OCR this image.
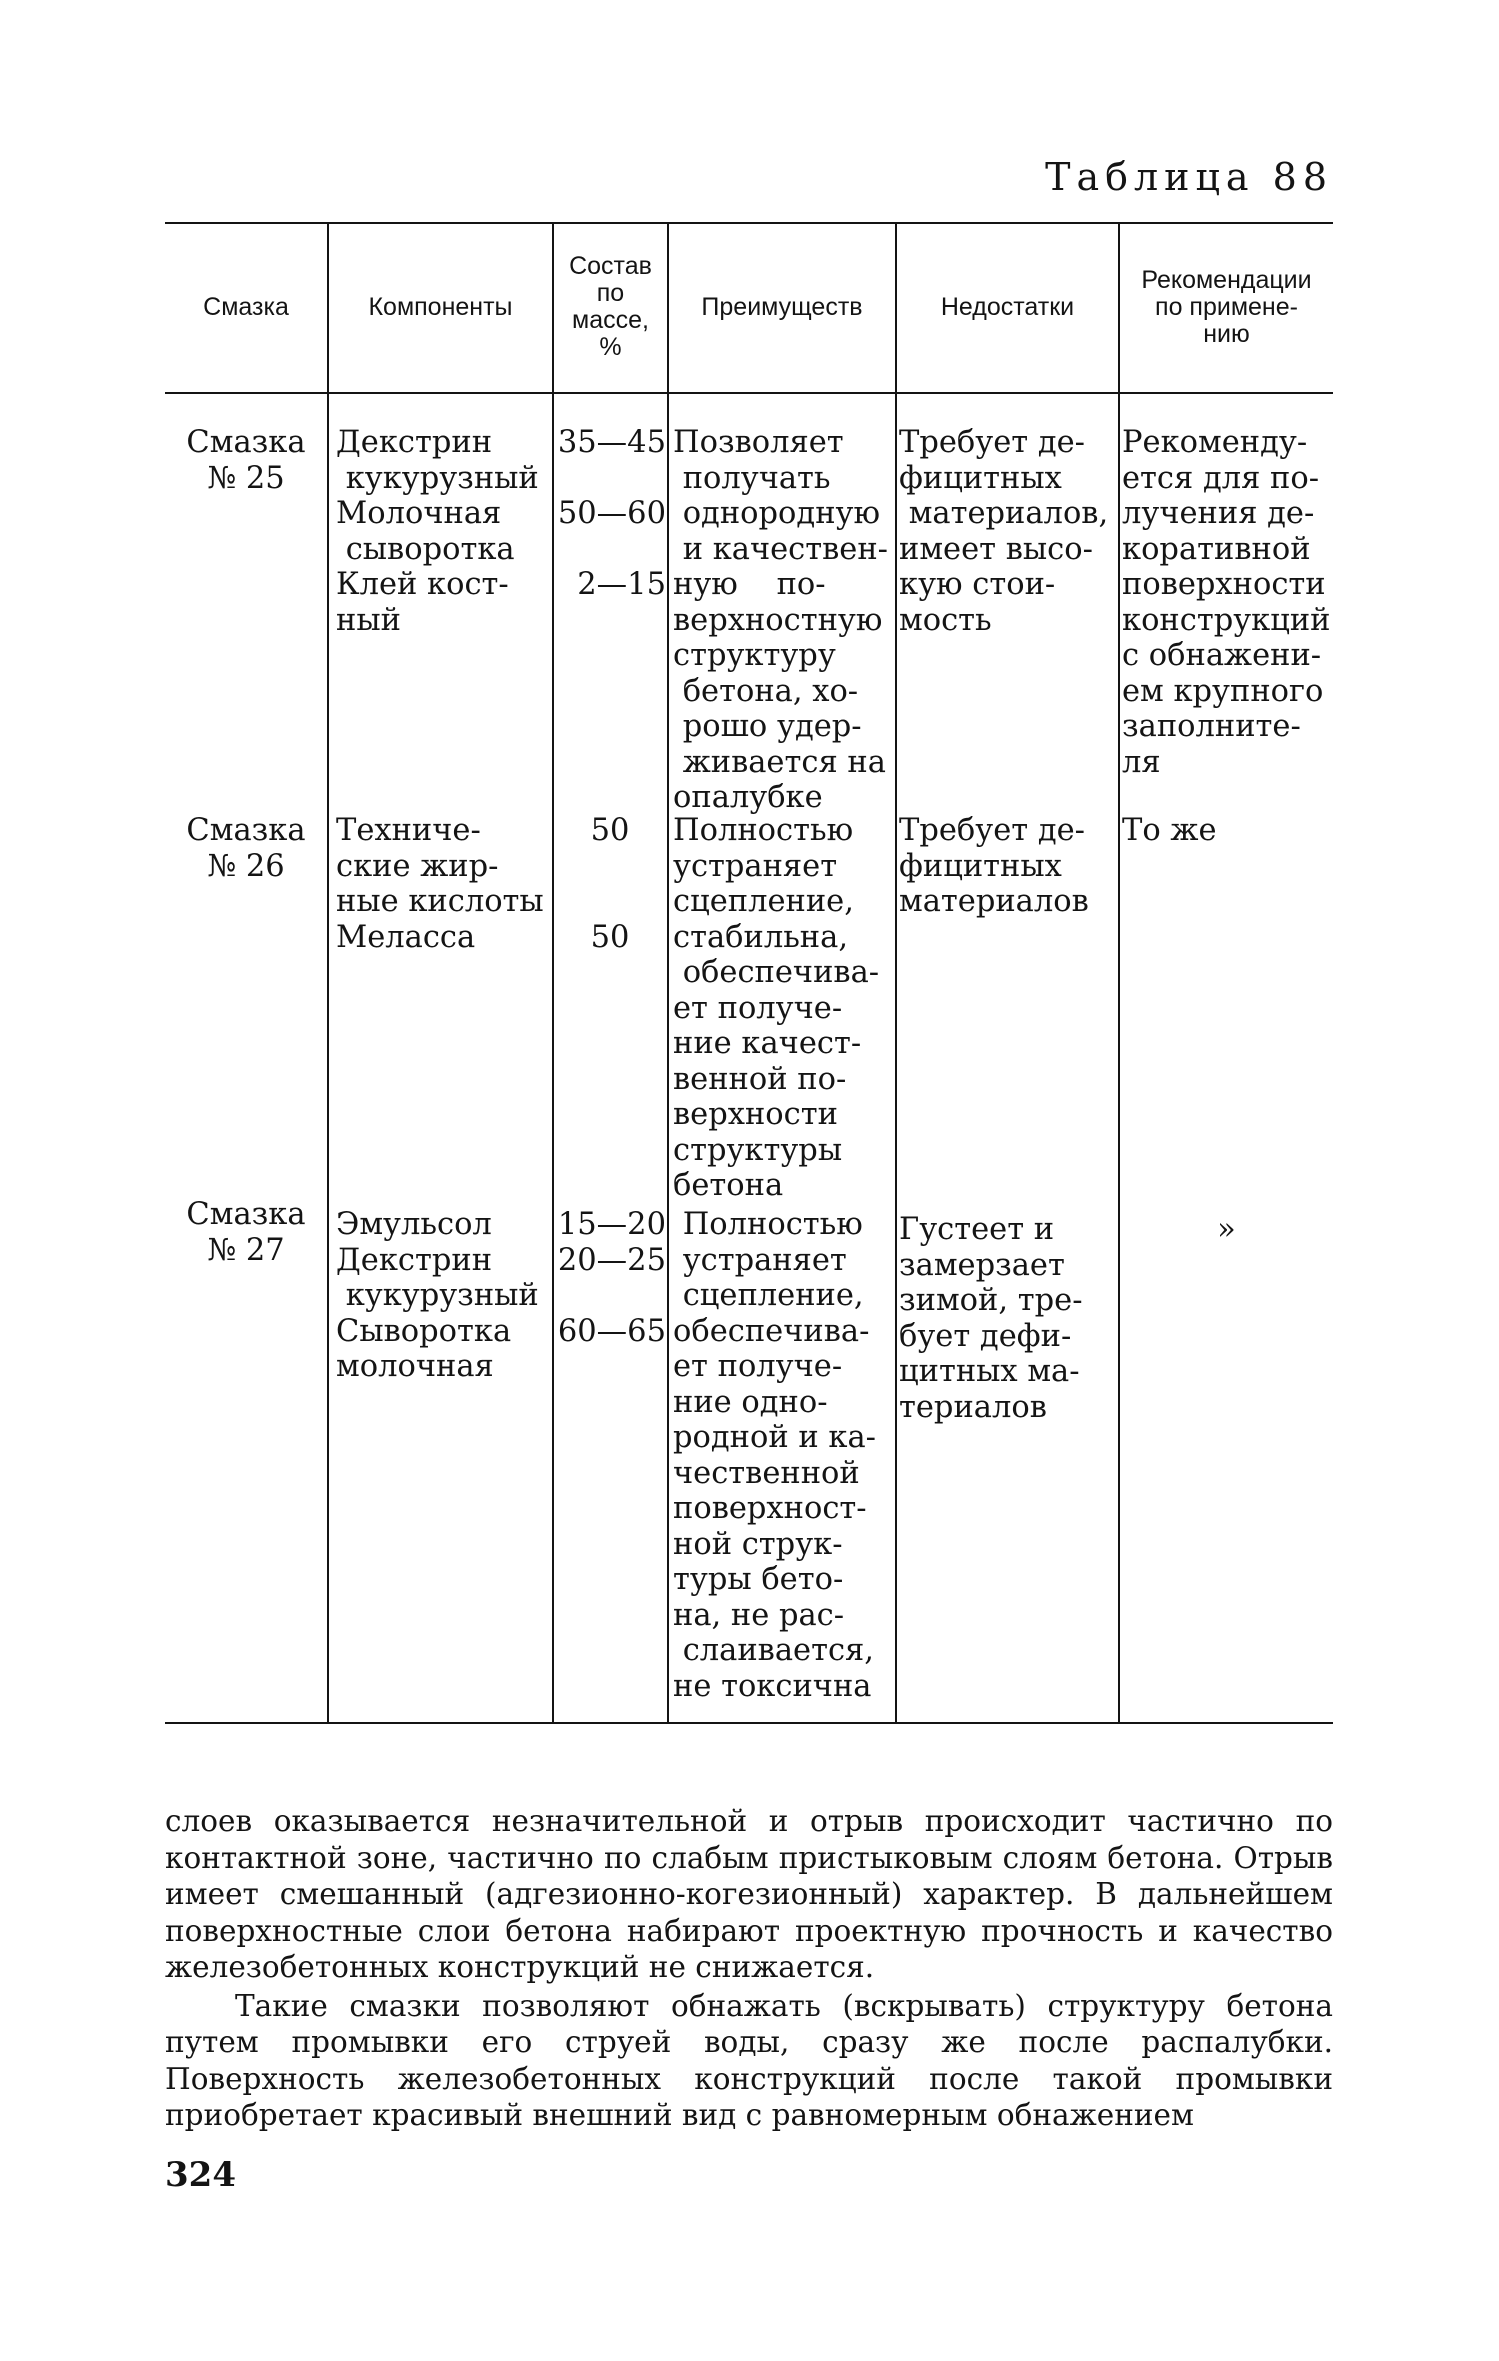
Таблица 88
Смазка	Компоненты
Состав
по
массе,
%
Преимуществ	Недостатки
Рекомендации
по примене-
нию
Смазка
№ 25
Декстрин
кукурузный
Молочная
сыворотка
Клей кост-
ный
35—45

50—60

2—15
Позволяет
получать
однородную
и качествен-
ную    по-
верхностную
структуру
бетона, хо-
рошо удер-
живается на
опалубке
Требует де-
фицитных
материалов,
имеет высо-
кую стои-
мость
Рекоменду-
ется для по-
лучения де-
коративной
поверхности
конструкций
с обнажени-
ем крупного
заполните-
ля
Смазка
№ 26
Техниче-
ские жир-
ные кислоты
Меласса
50

50
Полностью
устраняет
сцепление,
стабильна,
обеспечива-
ет получе-
ние качест-
венной по-
верхности
структуры
бетона
Требует де-
фицитных
материалов
То же
Смазка
№ 27
Эмульсол
Декстрин
кукурузный
Сыворотка
молочная
15—20
20—25

60—65
Полностью
устраняет
сцепление,
обеспечива-
ет получе-
ние одно-
родной и ка-
чественной
поверхност-
ной струк-
туры бето-
на, не рас-
слаивается,
не токсична
Густеет и
замерзает
зимой, тре-
бует дефи-
цитных ма-
териалов
»

слоев оказывается незначительной и отрыв происходит частично по контактной зоне, частично по слабым пристыковым слоям бетона. Отрыв имеет смешанный (адгезионно-когезионный) характер. В дальнейшем поверхностные слои бетона набирают проектную прочность и качество железобетонных конструкций не снижается.

Такие смазки позволяют обнажать (вскрывать) структуру бетона путем промывки его струей воды, сразу же после распалубки. Поверхность железобетонных конструкций после такой промывки приобретает красивый внешний вид с равномерным обнажением

324
